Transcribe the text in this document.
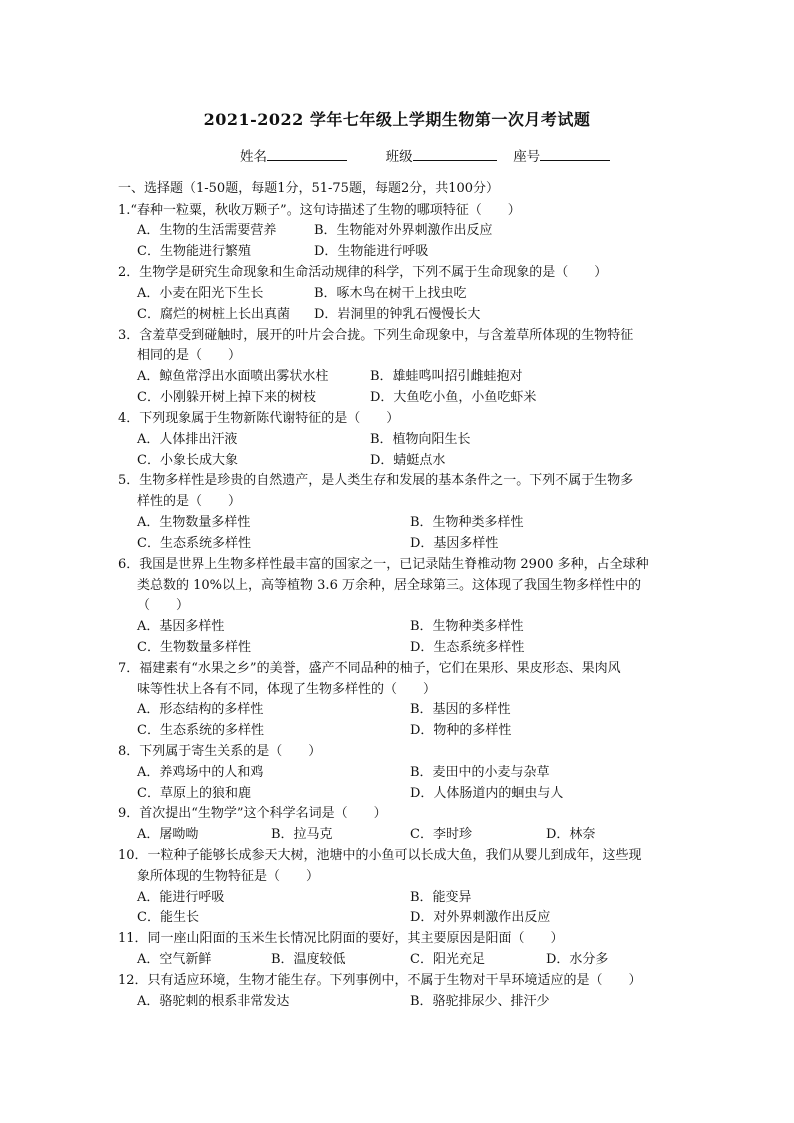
2021-2022 学年七年级上学期生物第一次月考试题
姓名	班级	座号
一、选择题（1-50题，每题1分，51-75题，每题2分，共100分）
1.“春种一粒粟，秋收万颗子”。这句诗描述了生物的哪项特征（　　）
A．生物的生活需要营养	B．生物能对外界刺激作出反应
C．生物能进行繁殖	D．生物能进行呼吸
2．生物学是研究生命现象和生命活动规律的科学，下列不属于生命现象的是（　　）
A．小麦在阳光下生长	B．啄木鸟在树干上找虫吃
C．腐烂的树桩上长出真菌 D．岩洞里的钟乳石慢慢长大
3．含羞草受到碰触时，展开的叶片会合拢。下列生命现象中，与含羞草所体现的生物特征
相同的是（　　）
A．鲸鱼常浮出水面喷出雾状水柱	B．雄蛙鸣叫招引雌蛙抱对
C．小刚躲开树上掉下来的树枝	D．大鱼吃小鱼，小鱼吃虾米
4．下列现象属于生物新陈代谢特征的是（　　）
A．人体排出汗液	B．植物向阳生长
C．小象长成大象	D．蜻蜓点水
5．生物多样性是珍贵的自然遗产，是人类生存和发展的基本条件之一。下列不属于生物多
样性的是（　　）
A．生物数量多样性	B．生物种类多样性
C．生态系统多样性	D．基因多样性
6．我国是世界上生物多样性最丰富的国家之一，已记录陆生脊椎动物 2900 多种，占全球种
类总数的 10%以上，高等植物 3.6 万余种，居全球第三。这体现了我国生物多样性中的
（　　）
A．基因多样性	B．生物种类多样性
C．生物数量多样性	D．生态系统多样性
7．福建素有“水果之乡”的美誉，盛产不同品种的柚子，它们在果形、果皮形态、果肉风
味等性状上各有不同，体现了生物多样性的（　　）
A．形态结构的多样性	B．基因的多样性
C．生态系统的多样性	D．物种的多样性
8．下列属于寄生关系的是（　　）
A．养鸡场中的人和鸡	B．麦田中的小麦与杂草
C．草原上的狼和鹿	D．人体肠道内的蛔虫与人
9．首次提出“生物学”这个科学名词是（　　）
A．屠呦呦	B．拉马克	C．李时珍	D．林奈
10．一粒种子能够长成参天大树，池塘中的小鱼可以长成大鱼，我们从婴儿到成年，这些现
象所体现的生物特征是（　　）
A．能进行呼吸	B．能变异
C．能生长	D．对外界刺激作出反应
11．同一座山阳面的玉米生长情况比阴面的要好，其主要原因是阳面（　　）
A．空气新鲜	B．温度较低	C．阳光充足	D．水分多
12．只有适应环境，生物才能生存。下列事例中，不属于生物对干旱环境适应的是（　　）
A．骆驼刺的根系非常发达	B．骆驼排尿少、排汗少
